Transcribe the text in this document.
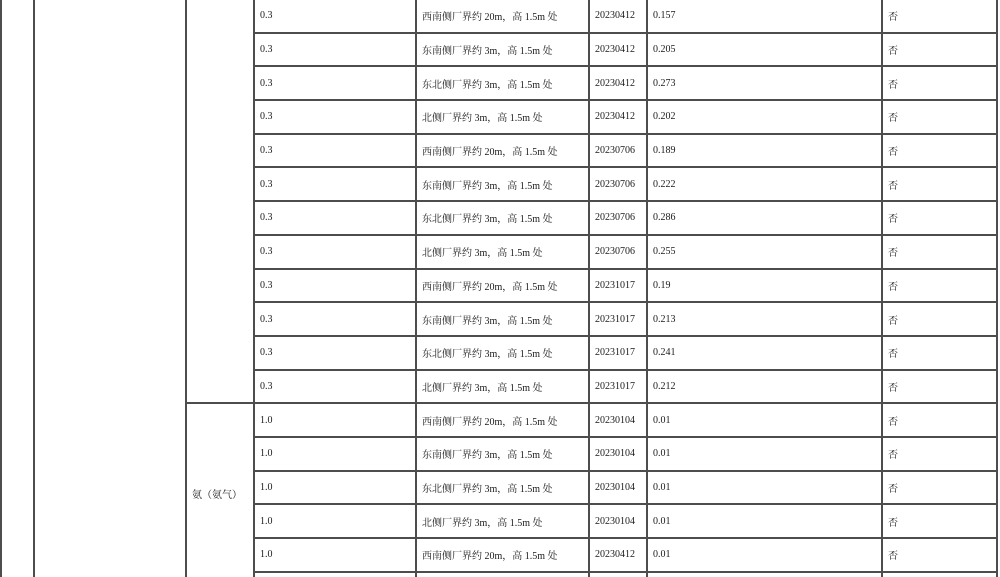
			0.3	西南侧厂界约 20m，高 1.5m 处	20230412	0.157	否
			0.3	东南侧厂界约 3m，高 1.5m 处	20230412	0.205	否
			0.3	东北侧厂界约 3m，高 1.5m 处	20230412	0.273	否
			0.3	北侧厂界约 3m，高 1.5m 处	20230412	0.202	否
			0.3	西南侧厂界约 20m，高 1.5m 处	20230706	0.189	否
			0.3	东南侧厂界约 3m，高 1.5m 处	20230706	0.222	否
			0.3	东北侧厂界约 3m，高 1.5m 处	20230706	0.286	否
			0.3	北侧厂界约 3m，高 1.5m 处	20230706	0.255	否
			0.3	西南侧厂界约 20m，高 1.5m 处	20231017	0.19	否
			0.3	东南侧厂界约 3m，高 1.5m 处	20231017	0.213	否
			0.3	东北侧厂界约 3m，高 1.5m 处	20231017	0.241	否
			0.3	北侧厂界约 3m，高 1.5m 处	20231017	0.212	否
		氨（氨气）	1.0	西南侧厂界约 20m，高 1.5m 处	20230104	0.01	否
			1.0	东南侧厂界约 3m，高 1.5m 处	20230104	0.01	否
			1.0	东北侧厂界约 3m，高 1.5m 处	20230104	0.01	否
			1.0	北侧厂界约 3m，高 1.5m 处	20230104	0.01	否
			1.0	西南侧厂界约 20m，高 1.5m 处	20230412	0.01	否
